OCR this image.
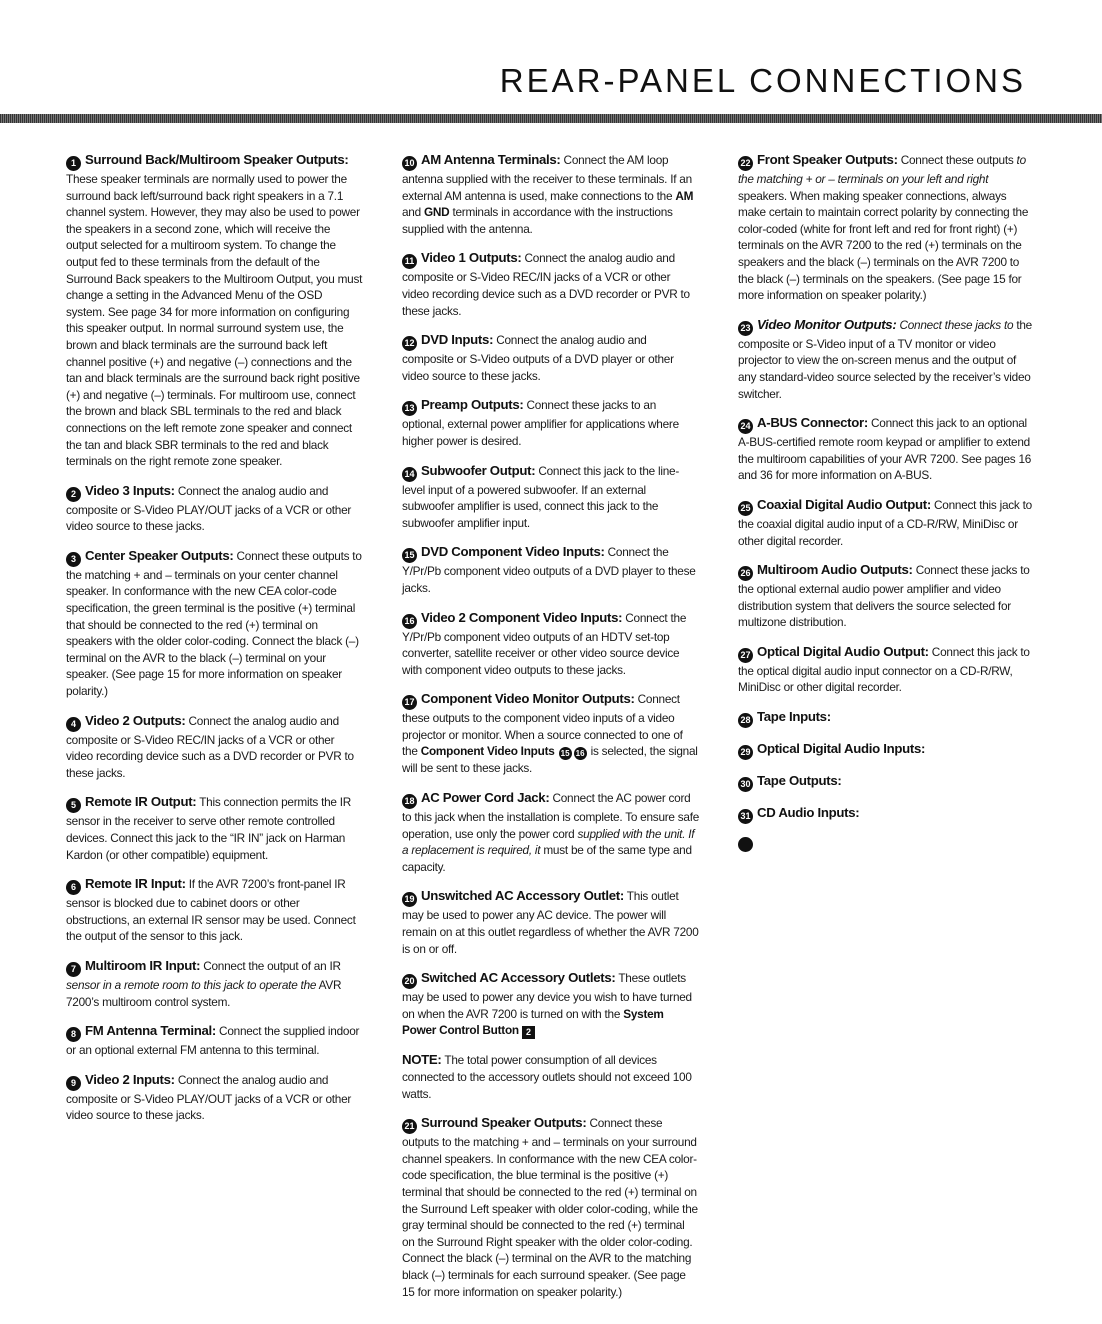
REAR-PANEL CONNECTIONS

1 Surround Back/Multiroom Speaker Outputs: These speaker terminals are normally used to power the surround back left/surround back right speakers in a 7.1 channel system. However, they may also be used to power the speakers in a second zone, which will receive the output selected for a multiroom system. To change the output fed to these terminals from the default of the Surround Back speakers to the Multiroom Output, you must change a setting in the Advanced Menu of the OSD system. See page 34 for more information on configuring this speaker output. In normal surround system use, the brown and black terminals are the surround back left channel positive (+) and negative (–) connections and the tan and black terminals are the surround back right positive (+) and negative (–) terminals. For multiroom use, connect the brown and black SBL terminals to the red and black connections on the left remote zone speaker and connect the tan and black SBR terminals to the red and black terminals on the right remote zone speaker.

2 Video 3 Inputs: Connect the analog audio and composite or S-Video PLAY/OUT jacks of a VCR or other video source to these jacks.

3 Center Speaker Outputs: Connect these outputs to the matching + and – terminals on your center channel speaker. In conformance with the new CEA color-code specification, the green terminal is the positive (+) terminal that should be connected to the red (+) terminal on speakers with the older color-coding. Connect the black (–) terminal on the AVR to the black (–) terminal on your speaker. (See page 15 for more information on speaker polarity.)

4 Video 2 Outputs: Connect the analog audio and composite or S-Video REC/IN jacks of a VCR or other video recording device such as a DVD recorder or PVR to these jacks.

5 Remote IR Output: This connection permits the IR sensor in the receiver to serve other remote controlled devices. Connect this jack to the “IR IN” jack on Harman Kardon (or other compatible) equipment.

6 Remote IR Input: If the AVR 7200’s front-panel IR sensor is blocked due to cabinet doors or other obstructions, an external IR sensor may be used. Connect the output of the sensor to this jack.

7 Multiroom IR Input: Connect the output of an IR sensor in a remote room to this jack to operate the AVR 7200’s multiroom control system.

8 FM Antenna Terminal: Connect the supplied indoor or an optional external FM antenna to this terminal.

9 Video 2 Inputs: Connect the analog audio and composite or S-Video PLAY/OUT jacks of a VCR or other video source to these jacks.

10 AM Antenna Terminals: Connect the AM loop antenna supplied with the receiver to these terminals. If an external AM antenna is used, make connections to the AM and GND terminals in accordance with the instructions supplied with the antenna.

11 Video 1 Outputs: Connect the analog audio and composite or S-Video REC/IN jacks of a VCR or other video recording device such as a DVD recorder or PVR to these jacks.

12 DVD Inputs: Connect the analog audio and composite or S-Video outputs of a DVD player or other video source to these jacks.

13 Preamp Outputs: Connect these jacks to an optional, external power amplifier for applications where higher power is desired.

14 Subwoofer Output: Connect this jack to the line-level input of a powered subwoofer. If an external subwoofer amplifier is used, connect this jack to the subwoofer amplifier input.

15 DVD Component Video Inputs: Connect the Y/Pr/Pb component video outputs of a DVD player to these jacks.

16 Video 2 Component Video Inputs: Connect the Y/Pr/Pb component video outputs of an HDTV set-top converter, satellite receiver or other video source device with component video outputs to these jacks.

17 Component Video Monitor Outputs: Connect these outputs to the component video inputs of a video projector or monitor. When a source connected to one of the Component Video Inputs 15 16 is selected, the signal will be sent to these jacks.

18 AC Power Cord Jack: Connect the AC power cord to this jack when the installation is complete. To ensure safe operation, use only the power cord supplied with the unit. If a replacement is required, it must be of the same type and capacity.

19 Unswitched AC Accessory Outlet: This outlet may be used to power any AC device. The power will remain on at this outlet regardless of whether the AVR 7200 is on or off.

20 Switched AC Accessory Outlets: These outlets may be used to power any device you wish to have turned on when the AVR 7200 is turned on with the System Power Control Button 2

NOTE: The total power consumption of all devices connected to the accessory outlets should not exceed 100 watts.

21 Surround Speaker Outputs: Connect these outputs to the matching + and – terminals on your surround channel speakers. In conformance with the new CEA color-code specification, the blue terminal is the positive (+) terminal that should be connected to the red (+) terminal on the Surround Left speaker with older color-coding, while the gray terminal should be connected to the red (+) terminal on the Surround Right speaker with the older color-coding. Connect the black (–) terminal on the AVR to the matching black (–) terminals for each surround speaker. (See page 15 for more information on speaker polarity.)

22 Front Speaker Outputs: Connect these outputs to the matching + or – terminals on your left and right speakers. When making speaker connections, always make certain to maintain correct polarity by connecting the color-coded (white for front left and red for front right) (+) terminals on the AVR 7200 to the red (+) terminals on the speakers and the black (–) terminals on the AVR 7200 to the black (–) terminals on the speakers. (See page 15 for more information on speaker polarity.)

23 Video Monitor Outputs: Connect these jacks to the composite or S-Video input of a TV monitor or video projector to view the on-screen menus and the output of any standard-video source selected by the receiver’s video switcher.

24 A-BUS Connector: Connect this jack to an optional A-BUS-certified remote room keypad or amplifier to extend the multiroom capabilities of your AVR 7200. See pages 16 and 36 for more information on A-BUS.

25 Coaxial Digital Audio Output: Connect this jack to the coaxial digital audio input of a CD-R/RW, MiniDisc or other digital recorder.

26 Multiroom Audio Outputs: Connect these jacks to the optional external audio power amplifier and video distribution system that delivers the source selected for multizone distribution.

27 Optical Digital Audio Output: Connect this jack to the optical digital audio input connector on a CD-R/RW, MiniDisc or other digital recorder.

28 Tape Inputs:

29 Optical Digital Audio Inputs:

30 Tape Outputs:

31 CD Audio Inputs:
